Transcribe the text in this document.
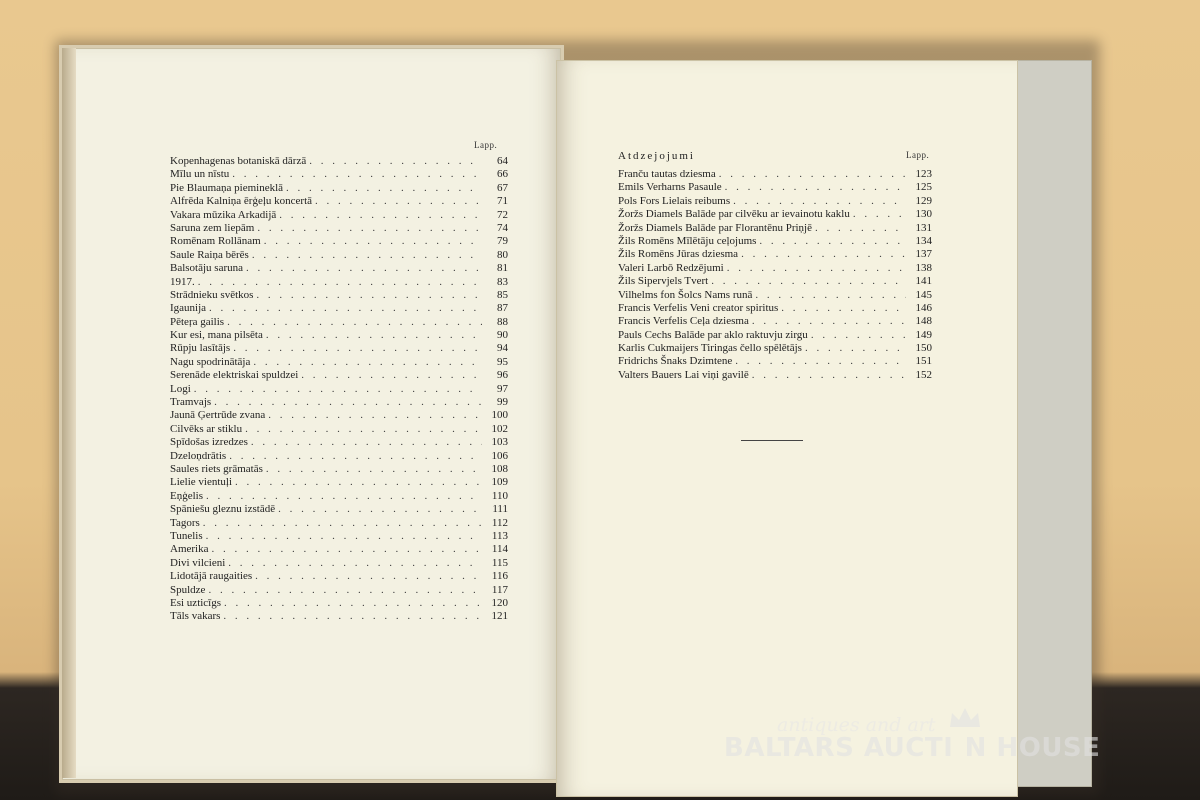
Lapp.
Kopenhagenas botaniskā dārzā . . .	64
Mīlu un nīstu . . .	66
Pie Blaumaņa piemineklā . . .	67
Alfrēda Kalniņa ērģeļu koncertā . . .	71
Vakara mūzika Arkadijā . . .	72
Saruna zem liepām . . .	74
Romēnam Rollānam . . .	79
Saule Raiņa bērēs . . .	80
Balsotāju saruna . . .	81
1917. . . .	83
Strādnieku svētkos . . .	85
Igaunija . . .	87
Pēteŗa gailis . . .	88
Kur esi, mana pilsēta . . .	90
Rūpju lasītājs . . .	94
Nagu spodrinātāja . . .	95
Serenāde elektriskai spuldzei . . .	96
Logi . . .	97
Tramvajs . . .	99
Jaunā Ģertrūde zvana . . .	100
Cilvēks ar stiklu . . .	102
Spīdošas izredzes . . .	103
Dzeloņdrātis . . .	106
Saules riets grāmatās . . .	108
Lielie vientuļi . . .	109
Eņģelis . . .	110
Spāniešu gleznu izstādē . . .	111
Tagors . . .	112
Tunelis . . .	113
Amerika . . .	114
Divi vilcieni . . .	115
Lidotājā raugaities . . .	116
Spuldze . . .	117
Esi uzticīgs . . .	120
Tāls vakars . . .	121
Atdzejojumi	Lapp.
Franču tautas dziesma . . .	123
Emils Verharns Pasaule . . .	125
Pols Fors Lielais reibums . . .	129
Žoržs Diamels Balāde par cilvēku ar ievainotu kaklu . . .	130
Žoržs Diamels Balāde par Florantēnu Priņjē . . .	131
Žils Romēns Mīlētāju ceļojums . . .	134
Žils Romēns Jūras dziesma . . .	137
Valeri Larbō Redzējumi . . .	138
Žils Sipervjels Tvert . . .	141
Vilhelms fon Šolcs Nams runā . . .	145
Francis Verfelis Veni creator spiritus . . .	146
Francis Verfelis Ceļa dziesma . . .	148
Pauls Cechs Balāde par aklo raktuvju zirgu . . .	149
Karlis Cukmaijers Tiringas čello spēlētājs . . .	150
Fridrichs Šnaks Dzimtene . . .	151
Valters Bauers Lai viņi gavilē . . .	152
antiques and art
BALTARS AUCTI  N HOUSE
